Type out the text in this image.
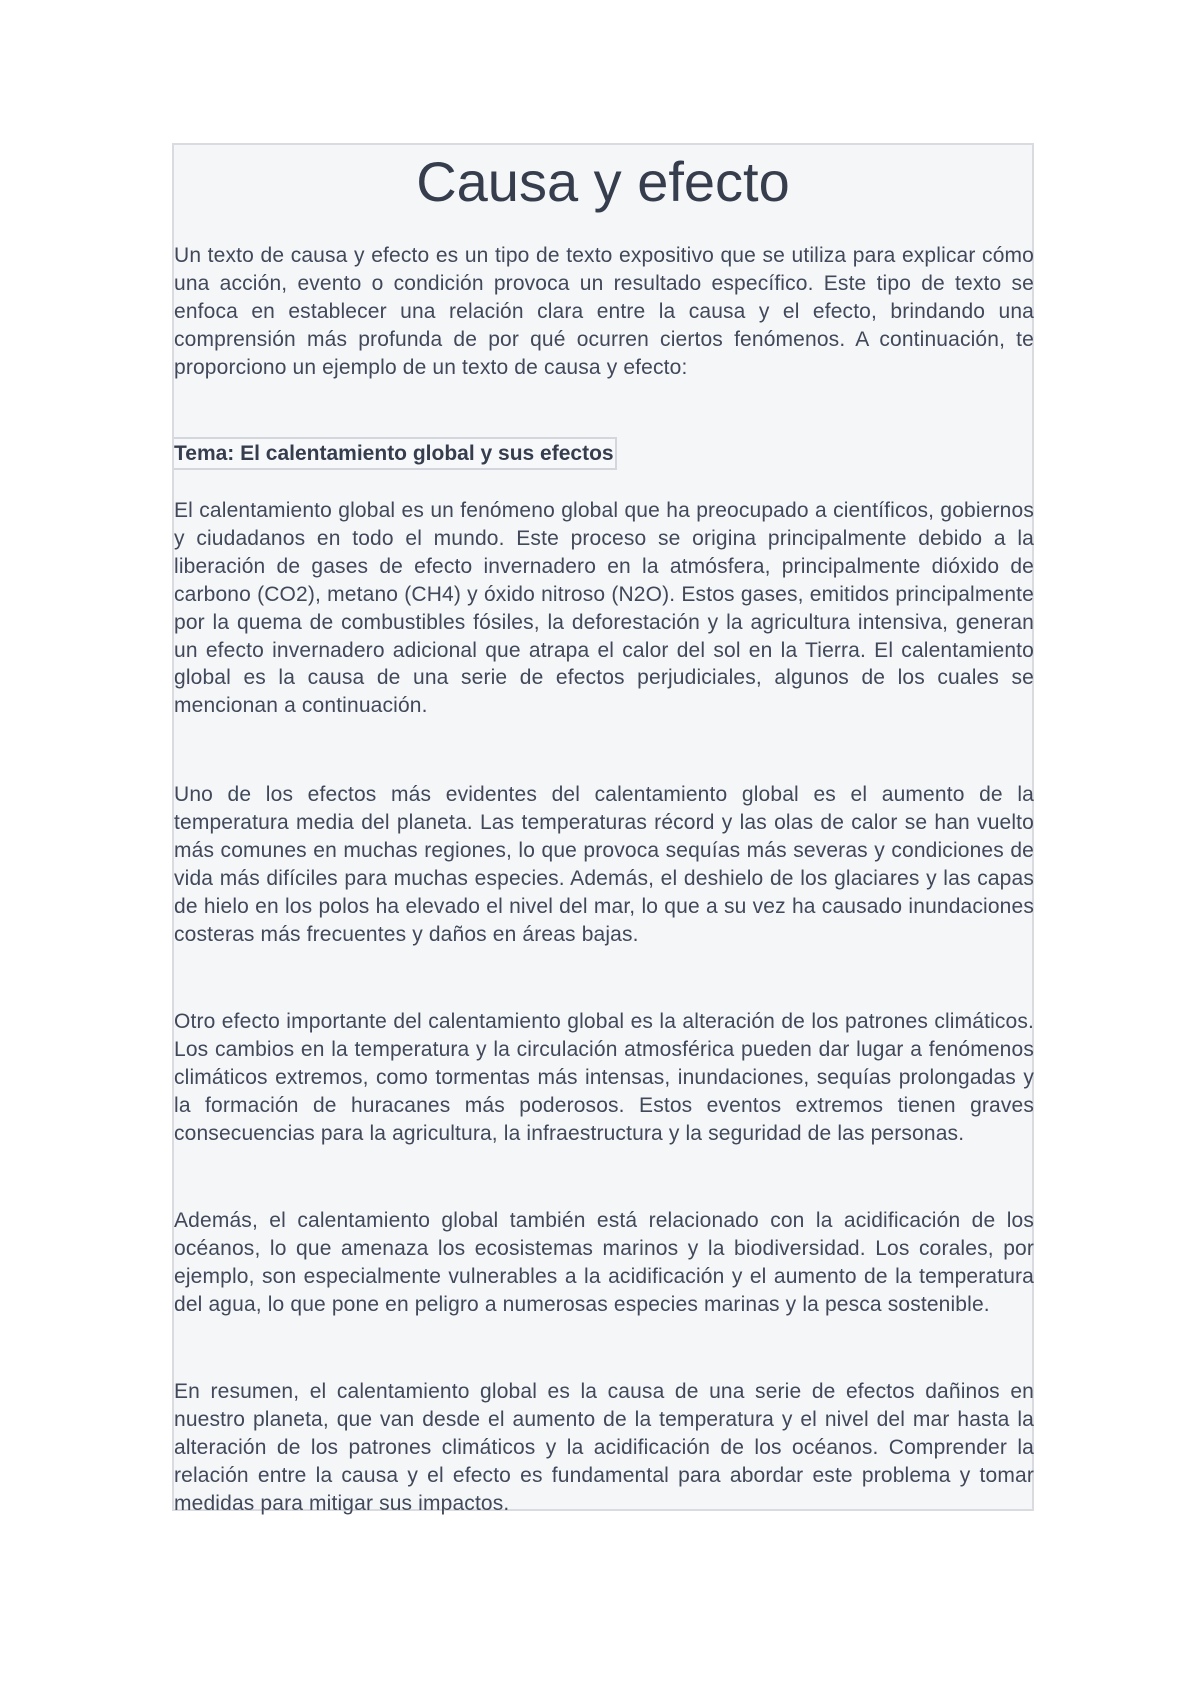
Causa y efecto

Un texto de causa y efecto es un tipo de texto expositivo que se utiliza para explicar cómo una acción, evento o condición provoca un resultado específico. Este tipo de texto se enfoca en establecer una relación clara entre la causa y el efecto, brindando una comprensión más profunda de por qué ocurren ciertos fenómenos. A continuación, te proporciono un ejemplo de un texto de causa y efecto:

Tema: El calentamiento global y sus efectos

El calentamiento global es un fenómeno global que ha preocupado a científicos, gobiernos y ciudadanos en todo el mundo. Este proceso se origina principalmente debido a la liberación de gases de efecto invernadero en la atmósfera, principalmente dióxido de carbono (CO2), metano (CH4) y óxido nitroso (N2O). Estos gases, emitidos principalmente por la quema de combustibles fósiles, la deforestación y la agricultura intensiva, generan un efecto invernadero adicional que atrapa el calor del sol en la Tierra. El calentamiento global es la causa de una serie de efectos perjudiciales, algunos de los cuales se mencionan a continuación.

Uno de los efectos más evidentes del calentamiento global es el aumento de la temperatura media del planeta. Las temperaturas récord y las olas de calor se han vuelto más comunes en muchas regiones, lo que provoca sequías más severas y condiciones de vida más difíciles para muchas especies. Además, el deshielo de los glaciares y las capas de hielo en los polos ha elevado el nivel del mar, lo que a su vez ha causado inundaciones costeras más frecuentes y daños en áreas bajas.

Otro efecto importante del calentamiento global es la alteración de los patrones climáticos. Los cambios en la temperatura y la circulación atmosférica pueden dar lugar a fenómenos climáticos extremos, como tormentas más intensas, inundaciones, sequías prolongadas y la formación de huracanes más poderosos. Estos eventos extremos tienen graves consecuencias para la agricultura, la infraestructura y la seguridad de las personas.

Además, el calentamiento global también está relacionado con la acidificación de los océanos, lo que amenaza los ecosistemas marinos y la biodiversidad. Los corales, por ejemplo, son especialmente vulnerables a la acidificación y el aumento de la temperatura del agua, lo que pone en peligro a numerosas especies marinas y la pesca sostenible.

En resumen, el calentamiento global es la causa de una serie de efectos dañinos en nuestro planeta, que van desde el aumento de la temperatura y el nivel del mar hasta la alteración de los patrones climáticos y la acidificación de los océanos. Comprender la relación entre la causa y el efecto es fundamental para abordar este problema y tomar medidas para mitigar sus impactos.
